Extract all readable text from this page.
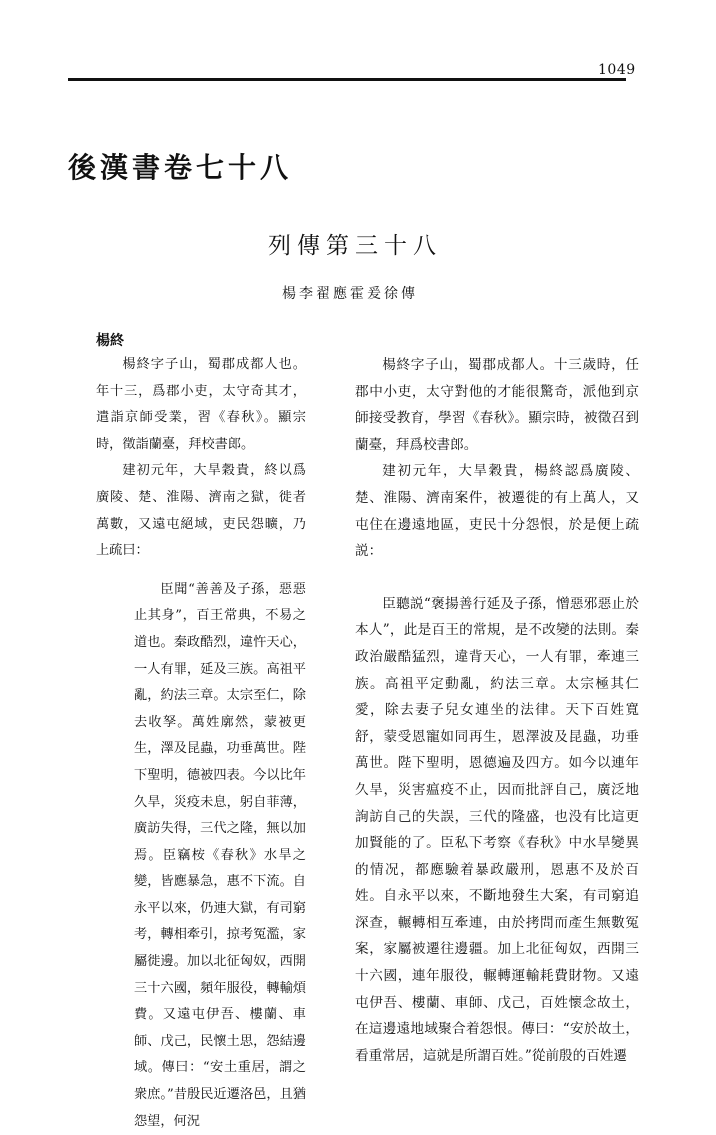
1049
後漢書卷七十八
列傳第三十八
楊李翟應霍爰徐傳
楊終

楊終字子山，蜀郡成都人也。年十三，爲郡小吏，太守奇其才，遣詣京師受業，習《春秋》。顯宗時，徵詣蘭臺，拜校書郎。

建初元年，大旱穀貴，終以爲廣陵、楚、淮陽、濟南之獄，徙者萬數，又遠屯絕域，吏民怨曠，乃上疏曰：

臣聞“善善及子孫，惡惡止其身”，百王常典，不易之道也。秦政酷烈，違忤天心，一人有罪，延及三族。高祖平亂，約法三章。太宗至仁，除去收孥。萬姓廓然，蒙被更生，澤及昆蟲，功垂萬世。陛下聖明，德被四表。今以比年久旱，災疫未息，躬自菲薄，廣訪失得，三代之隆，無以加焉。臣竊桉《春秋》水旱之變，皆應暴急，惠不下流。自永平以來，仍連大獄，有司窮考，轉相牽引，掠考冤濫，家屬徙邊。加以北征匈奴，西開三十六國，頻年服役，轉輸煩費。又遠屯伊吾、樓蘭、車師、戊己，民懷土思，怨結邊域。傳曰：“安土重居，謂之衆庶。”昔殷民近遷洛邑，且猶怨望，何況

楊終字子山，蜀郡成都人。十三歲時，任郡中小吏，太守對他的才能很驚奇，派他到京師接受教育，學習《春秋》。顯宗時，被徵召到蘭臺，拜爲校書郎。

建初元年，大旱穀貴，楊終認爲廣陵、楚、淮陽、濟南案件，被遷徙的有上萬人，又屯住在邊遠地區，吏民十分怨恨，於是便上疏説：

臣聽説“褒揚善行延及子孫，憎惡邪惡止於本人”，此是百王的常規，是不改變的法則。秦政治嚴酷猛烈，違背天心，一人有罪，牽連三族。高祖平定動亂，約法三章。太宗極其仁愛，除去妻子兒女連坐的法律。天下百姓寬舒，蒙受恩寵如同再生，恩澤波及昆蟲，功垂萬世。陛下聖明，恩德遍及四方。如今以連年久旱，災害瘟疫不止，因而批評自己，廣泛地詢訪自己的失誤，三代的隆盛，也没有比這更加賢能的了。臣私下考察《春秋》中水旱變異的情况，都應驗着暴政嚴刑，恩惠不及於百姓。自永平以來，不斷地發生大案，有司窮追深查，輾轉相互牽連，由於拷問而產生無數冤案，家屬被遷往邊疆。加上北征匈奴，西開三十六國，連年服役，輾轉運輸耗費財物。又遠屯伊吾、樓蘭、車師、戊己，百姓懷念故土，在這邊遠地域聚合着怨恨。傳曰：“安於故土，看重常居，這就是所謂百姓。”從前殷的百姓遷
